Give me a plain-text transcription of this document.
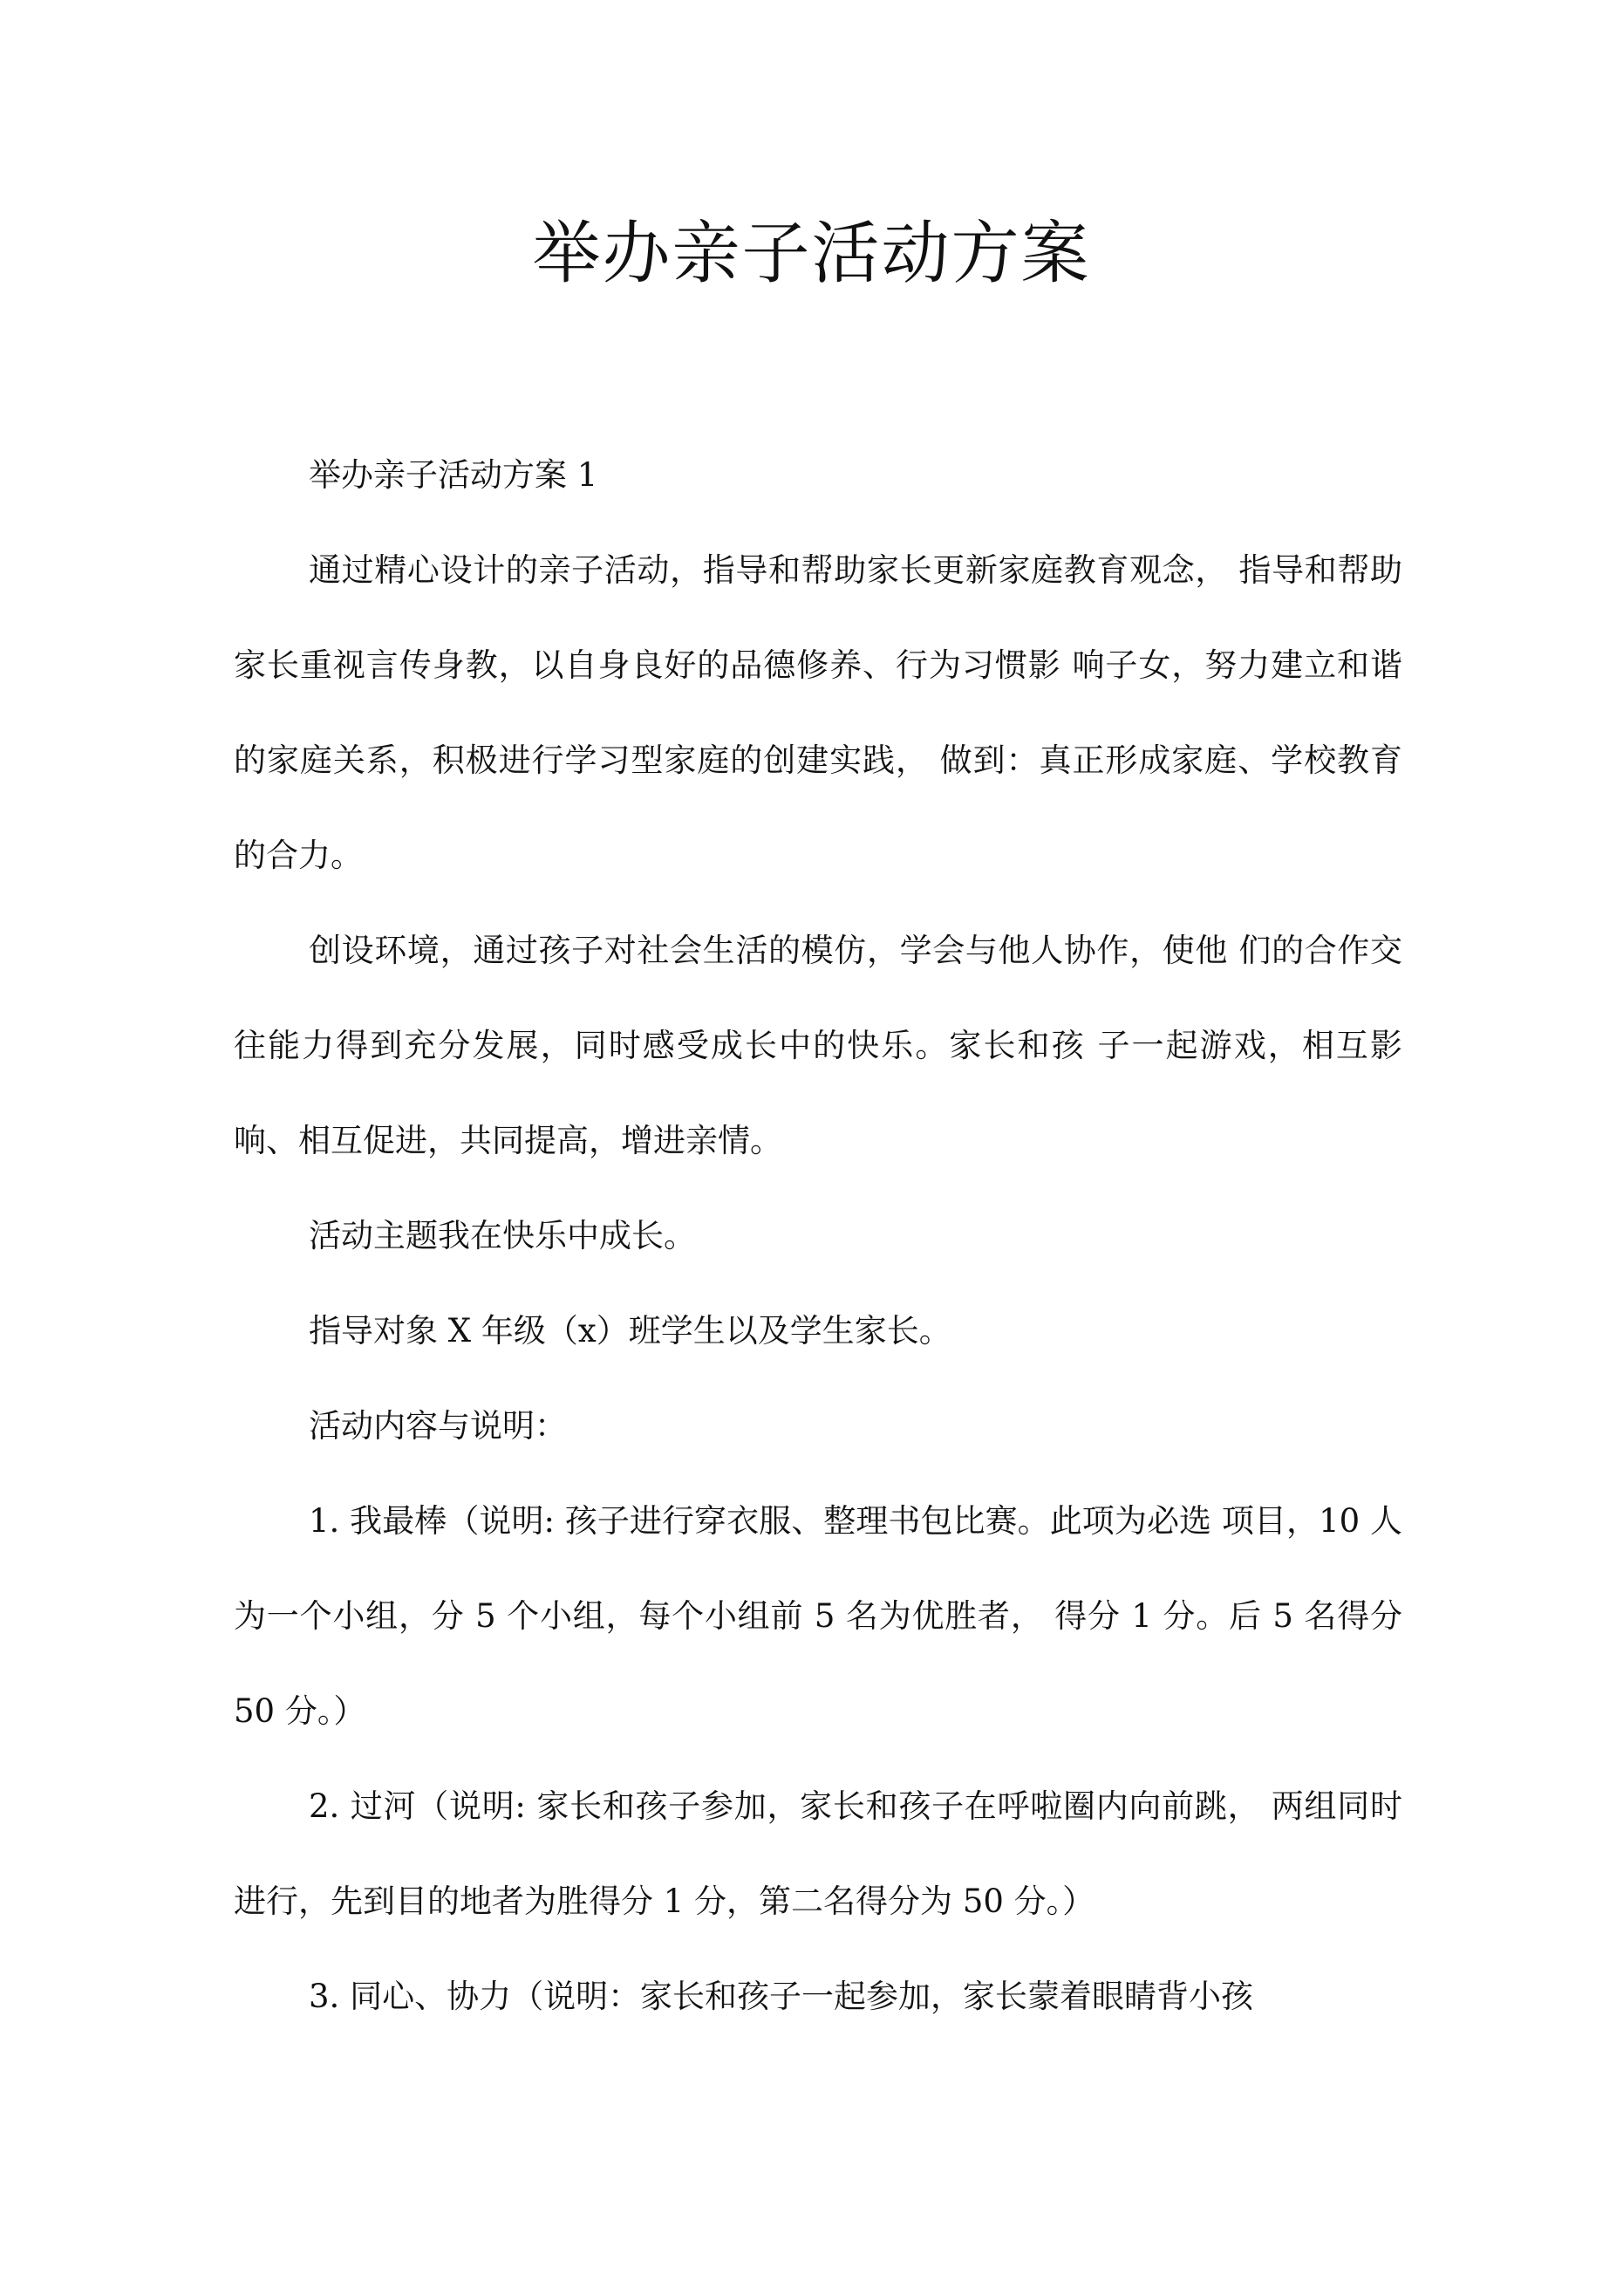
举办亲子活动方案

举办亲子活动方案 1

通过精心设计的亲子活动，指导和帮助家长更新家庭教育观念， 指导和帮助家长重视言传身教，以自身良好的品德修养、行为习惯影 响子女，努力建立和谐的家庭关系，积极进行学习型家庭的创建实践， 做到：真正形成家庭、学校教育的合力。

创设环境，通过孩子对社会生活的模仿，学会与他人协作，使他 们的合作交往能力得到充分发展，同时感受成长中的快乐。家长和孩 子一起游戏，相互影响、相互促进，共同提高，增进亲情。

活动主题我在快乐中成长。

指导对象 X 年级（x）班学生以及学生家长。

活动内容与说明：

1. 我最棒（说明: 孩子进行穿衣服、整理书包比赛。此项为必选 项目，10 人为一个小组，分 5 个小组，每个小组前 5 名为优胜者， 得分 1 分。后 5 名得分 50 分。）

2. 过河（说明: 家长和孩子参加，家长和孩子在呼啦圈内向前跳， 两组同时进行，先到目的地者为胜得分 1 分，第二名得分为 50 分。）

3. 同心、协力（说明：家长和孩子一起参加，家长蒙着眼睛背小孩
